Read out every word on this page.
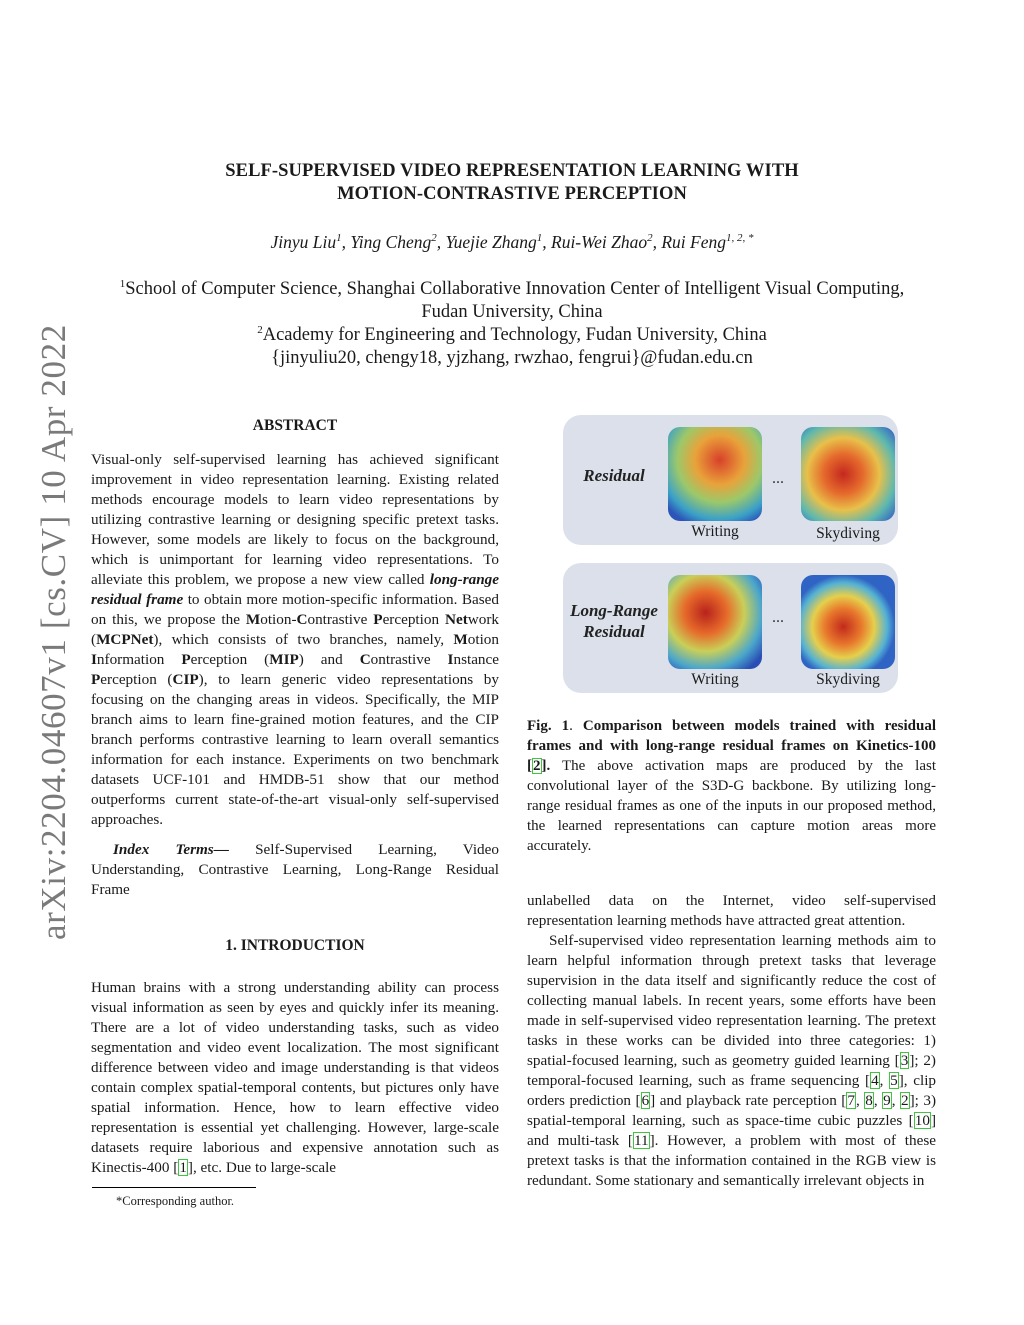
arXiv:2204.04607v1 [cs.CV] 10 Apr 2022
SELF-SUPERVISED VIDEO REPRESENTATION LEARNING WITH
MOTION-CONTRASTIVE PERCEPTION
Jinyu Liu$^1$, Ying Cheng$^2$, Yuejie Zhang$^1$, Rui-Wei Zhao$^2$, Rui Feng$^{1, 2, *}$
$^1$School of Computer Science, Shanghai Collaborative Innovation Center of Intelligent Visual Computing,
Fudan University, China
$^2$Academy for Engineering and Technology, Fudan University, China
{jinyuliu20, chengy18, yjzhang, rwzhao, fengrui}@fudan.edu.cn
ABSTRACT

Visual-only self-supervised learning has achieved significant improvement in video representation learning. Existing related methods encourage models to learn video representations by utilizing contrastive learning or designing specific pretext tasks. However, some models are likely to focus on the background, which is unimportant for learning video representations. To alleviate this problem, we propose a new view called long-range residual frame to obtain more motion-specific information. Based on this, we propose the Motion-Contrastive Perception Network (MCPNet), which consists of two branches, namely, Motion Information Perception (MIP) and Contrastive Instance Perception (CIP), to learn generic video representations by focusing on the changing areas in videos. Specifically, the MIP branch aims to learn fine-grained motion features, and the CIP branch performs contrastive learning to learn overall semantics information for each instance. Experiments on two benchmark datasets UCF-101 and HMDB-51 show that our method outperforms current state-of-the-art visual-only self-supervised approaches.

Index Terms— Self-Supervised Learning, Video Understanding, Contrastive Learning, Long-Range Residual Frame

1. INTRODUCTION

Human brains with a strong understanding ability can process visual information as seen by eyes and quickly infer its meaning. There are a lot of video understanding tasks, such as video segmentation and video event localization. The most significant difference between video and image understanding is that videos contain complex spatial-temporal contents, but pictures only have spatial information. Hence, how to learn effective video representation is essential yet challenging. However, large-scale datasets require laborious and expensive annotation such as Kinectis-400 [1], etc. Due to large-scale

*Corresponding author.
Residual
Long-Range
Residual
...
...
Writing	Skydiving
Writing	Skydiving
Fig. 1. Comparison between models trained with residual frames and with long-range residual frames on Kinetics-100 [2]. The above activation maps are produced by the last convolutional layer of the S3D-G backbone. By utilizing long-range residual frames as one of the inputs in our proposed method, the learned representations can capture motion areas more accurately.

unlabelled data on the Internet, video self-supervised representation learning methods have attracted great attention.

Self-supervised video representation learning methods aim to learn helpful information through pretext tasks that leverage supervision in the data itself and significantly reduce the cost of collecting manual labels. In recent years, some efforts have been made in self-supervised video representation learning. The pretext tasks in these works can be divided into three categories: 1) spatial-focused learning, such as geometry guided learning [3]; 2) temporal-focused learning, such as frame sequencing [4, 5], clip orders prediction [6] and playback rate perception [7, 8, 9, 2]; 3) spatial-temporal learning, such as space-time cubic puzzles [10] and multi-task [11]. However, a problem with most of these pretext tasks is that the information contained in the RGB view is redundant. Some stationary and semantically irrelevant objects in
